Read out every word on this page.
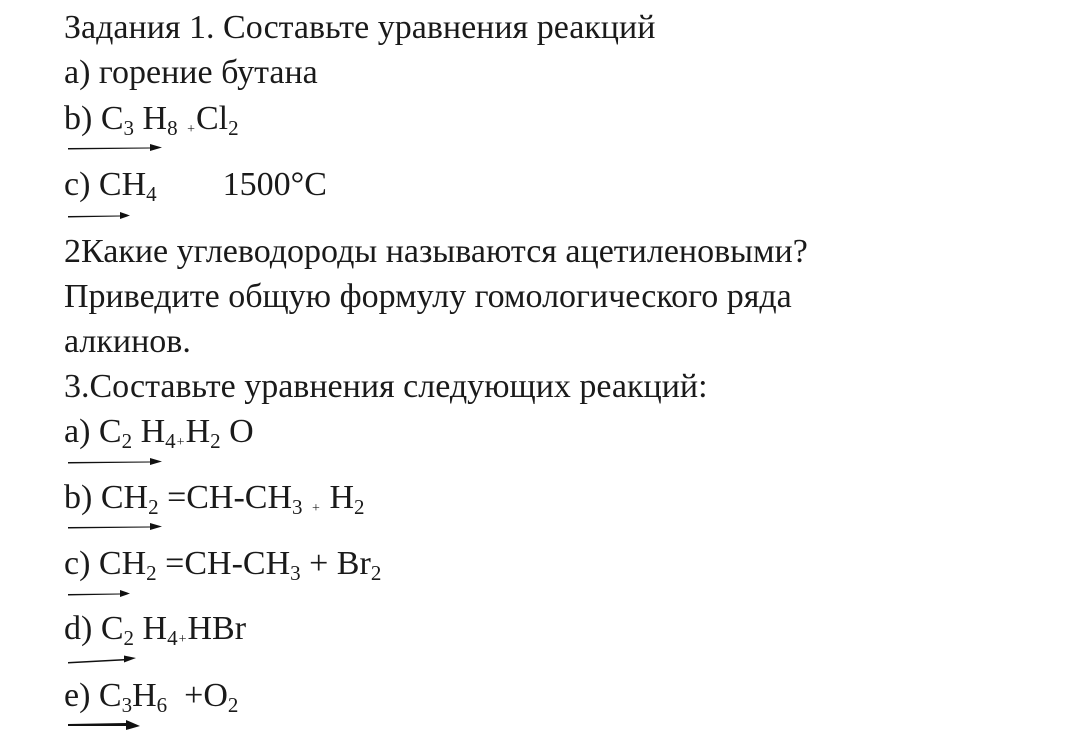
Задания 1. Составьте уравнения реакций
a) горение бутана
b) $C_3$ $H_8 +Cl_2$
c) $CH_4$ 1500°C
2Какие углеводороды называются ацетиленовыми?
Приведите общую формулу гомологического ряда
алкинов.
3.Составьте уравнения следующих реакций:
a) $C_2$ $H_4+H_2$ O
b) $CH_2 =CH-CH_3 + H_2$
c) $CH_2 =CH-CH_3 + Br_2$
d) $C_2$ $H_4+HBr$
e) $C_3H_6 +O_2$
